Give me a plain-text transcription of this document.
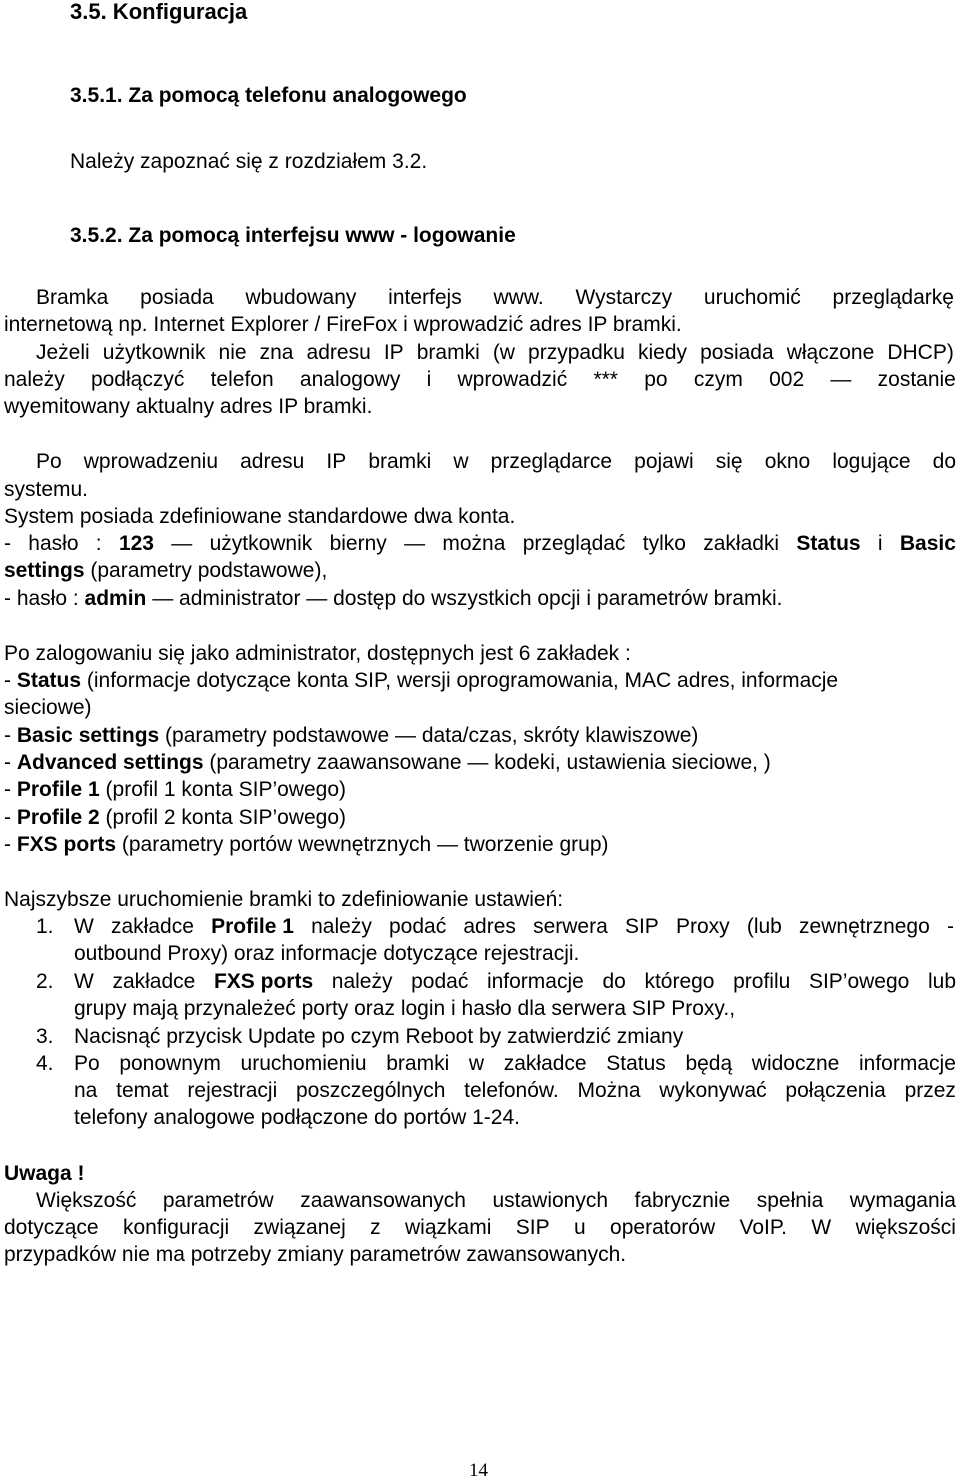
3.5. Konfiguracja
3.5.1. Za pomocą telefonu analogowego
Należy zapoznać się z rozdziałem 3.2.
3.5.2. Za pomocą interfejsu www - logowanie
Bramka posiada wbudowany interfejs www. Wystarczy uruchomić przeglądarkę
internetową np. Internet Explorer / FireFox i wprowadzić adres IP bramki.
Jeżeli użytkownik nie zna adresu IP bramki (w przypadku kiedy posiada włączone DHCP)
należy podłączyć telefon analogowy i wprowadzić *** po czym 002 — zostanie
wyemitowany aktualny adres IP bramki.
Po wprowadzeniu adresu IP bramki w przeglądarce pojawi się okno logujące do
systemu.
System posiada zdefiniowane standardowe dwa konta.
- hasło : 123 — użytkownik bierny — można przeglądać tylko zakładki Status i Basic
settings (parametry podstawowe),
- hasło : admin — administrator — dostęp do wszystkich opcji i parametrów bramki.
Po zalogowaniu się jako administrator, dostępnych jest 6 zakładek :
- Status (informacje dotyczące konta SIP, wersji oprogramowania, MAC adres, informacje
sieciowe)
- Basic settings (parametry podstawowe — data/czas, skróty klawiszowe)
- Advanced settings (parametry zaawansowane — kodeki, ustawienia sieciowe, )
- Profile 1 (profil 1 konta SIP’owego)
- Profile 2 (profil 2 konta SIP’owego)
- FXS ports (parametry portów wewnętrznych — tworzenie grup)
Najszybsze uruchomienie bramki to zdefiniowanie ustawień:
1. W zakładce Profile 1 należy podać adres serwera SIP Proxy (lub zewnętrznego -
outbound Proxy) oraz informacje dotyczące rejestracji.
2. W zakładce FXS ports należy podać informacje do którego profilu SIP’owego lub
grupy mają przynależeć porty oraz login i hasło dla serwera SIP Proxy.,
3. Nacisnąć przycisk Update po czym Reboot by zatwierdzić zmiany
4. Po ponownym uruchomieniu bramki w zakładce Status będą widoczne informacje
na temat rejestracji poszczególnych telefonów. Można wykonywać połączenia przez
telefony analogowe podłączone do portów 1-24.
Uwaga !
Większość parametrów zaawansowanych ustawionych fabrycznie spełnia wymagania
dotyczące konfiguracji związanej z wiązkami SIP u operatorów VoIP. W większości
przypadków nie ma potrzeby zmiany parametrów zawansowanych.
14
